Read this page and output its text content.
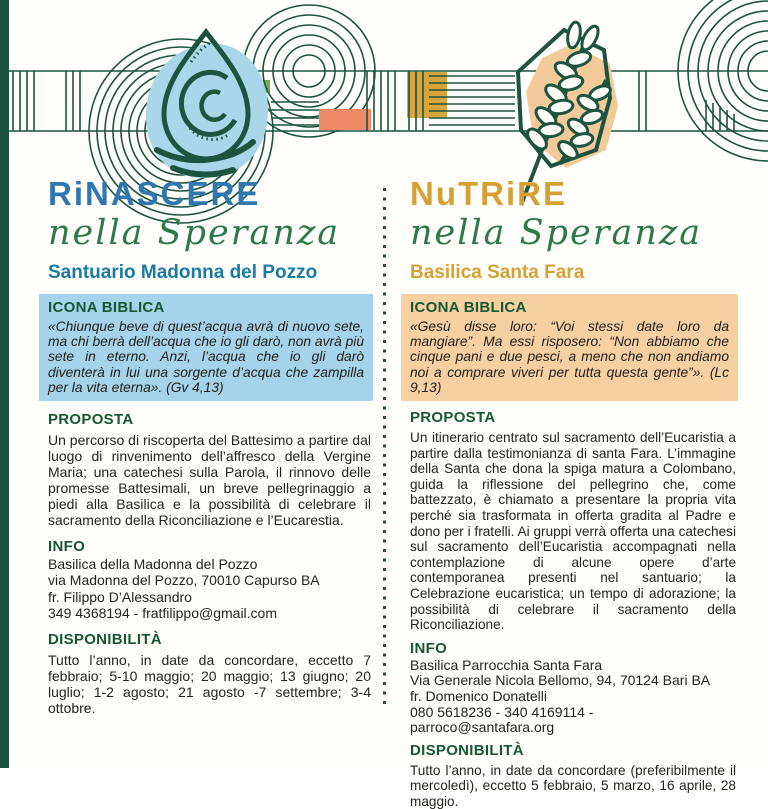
RiNASCERE
nella Speranza
Santuario Madonna del Pozzo
ICONA BIBLICA

«Chiunque beve di quest’acqua avrà di nuovo sete, ma chi berrà dell’acqua che io gli darò, non avrà più sete in eterno. Anzi, l’acqua che io gli darò diventerà in lui una sorgente d’acqua che zampilla per la vita eterna». (Gv 4,13)

PROPOSTA

Un percorso di riscoperta del Battesimo a partire dal luogo di rinvenimento dell’affresco della Vergine Maria; una catechesi sulla Parola, il rinnovo delle promesse Battesimali, un breve pellegrinaggio a piedi alla Basilica e la possibilità di celebrare il sacramento della Riconciliazione e l’Eucarestia.

INFO
Basilica della Madonna del Pozzo
via Madonna del Pozzo, 70010 Capurso BA
fr. Filippo D’Alessandro
349 4368194 - fratfilippo@gmail.com
DISPONIBILITÀ

Tutto l’anno, in date da concordare, eccetto 7 febbraio; 5-10 maggio; 20 maggio; 13 giugno; 20 luglio; 1-2 agosto; 21 agosto -7 settembre; 3-4 ottobre.

NuTRiRE
nella Speranza
Basilica Santa Fara
ICONA BIBLICA

«Gesù disse loro: “Voi stessi date loro da mangiare”. Ma essi risposero: “Non abbiamo che cinque pani e due pesci, a meno che non andiamo noi a comprare viveri per tutta questa gente”». (Lc 9,13)

PROPOSTA

Un itinerario centrato sul sacramento dell’Eucaristia a partire dalla testimonianza di santa Fara. L’immagine della Santa che dona la spiga matura a Colombano, guida la riflessione del pellegrino che, come battezzato, è chiamato a presentare la propria vita perché sia trasformata in offerta gradita al Padre e dono per i fratelli. Ai gruppi verrà offerta una catechesi sul sacramento dell’Eucaristia accompagnati nella contemplazione di alcune opere d’arte contemporanea presenti nel santuario; la Celebrazione eucaristica; un tempo di adorazione; la possibilità di celebrare il sacramento della Riconciliazione.

INFO
Basilica Parrocchia Santa Fara
Via Generale Nicola Bellomo, 94, 70124 Bari BA
fr. Domenico Donatelli
080 5618236 - 340 4169114 - parroco@santafara.org
DISPONIBILITÀ

Tutto l’anno, in date da concordare (preferibilmente il mercoledì), eccetto 5 febbraio, 5 marzo, 16 aprile, 28 maggio.
